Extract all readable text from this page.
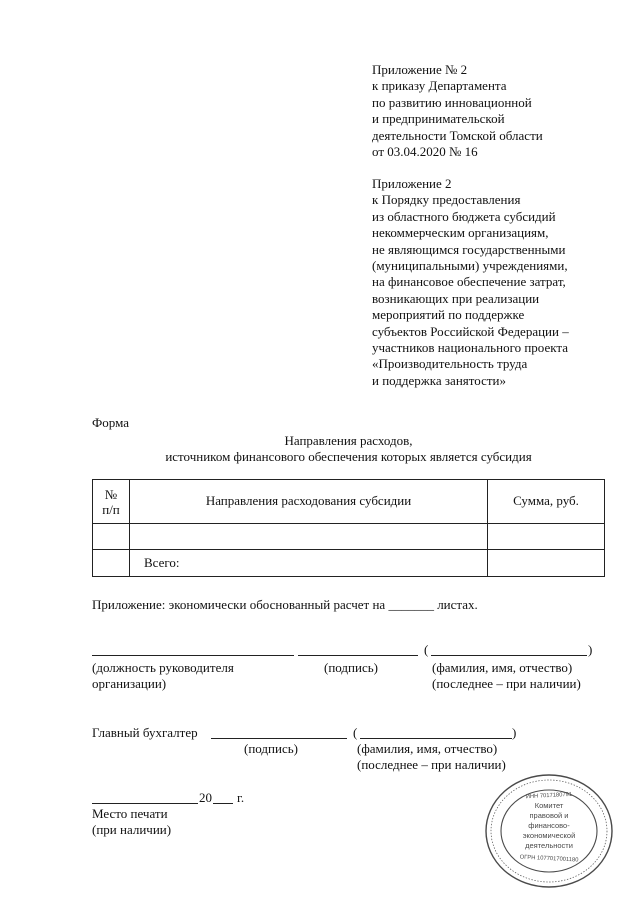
Приложение № 2
к приказу Департамента
по развитию инновационной
и предпринимательской
деятельности Томской области
от 03.04.2020 № 16
Приложение 2
к Порядку предоставления
из областного бюджета субсидий
некоммерческим организациям,
не являющимся государственными
(муниципальными) учреждениями,
на финансовое обеспечение затрат,
возникающих при реализации
мероприятий по поддержке
субъектов Российской Федерации –
участников национального проекта
«Производительность труда
и поддержка занятости»
Форма
Направления расходов,
источником финансового обеспечения которых является субсидия
№
п/п	Направления расходования субсидии	Сумма, руб.

	Всего:	
Приложение: экономически обоснованный расчет на _______ листах.
(	)
(должность руководителя
организации)
(подпись)	(фамилия, имя, отчество)
(последнее – при наличии)
Главный бухгалтер	(	)
(подпись)	(фамилия, имя, отчество)
(последнее – при наличии)
20 г.
Место печати
(при наличии)
Комитет
правовой и
финансово-
экономической
деятельности
ИНН 7017180791
ОГРН 1077017001180
